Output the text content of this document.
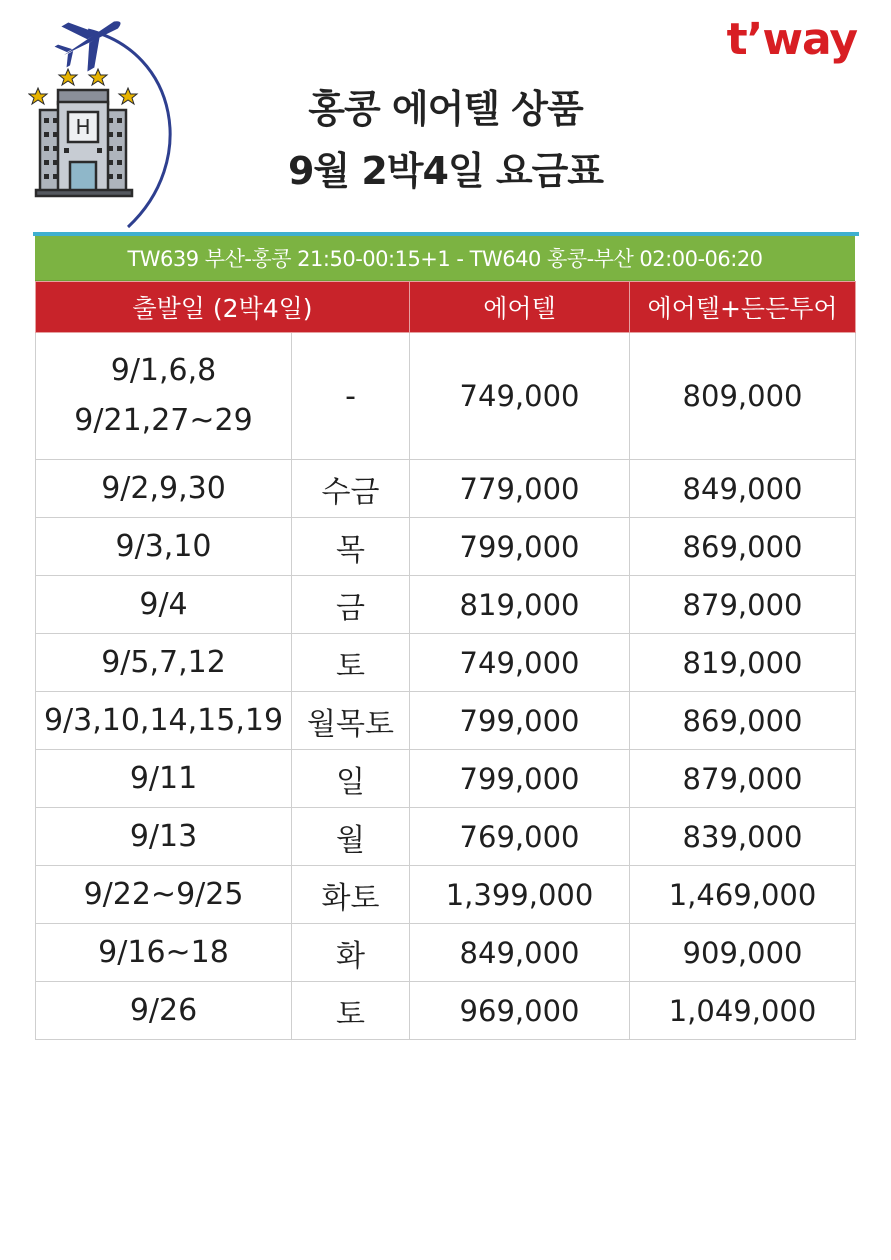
H
t’way
홍콩 에어텔 상품
9월 2박4일 요금표
TW639 부산-홍콩 21:50-00:15+1 - TW640 홍콩-부산 02:00-06:20
출발일 (2박4일)		에어텔	에어텔+든든투어

9/1,6,8
9/21,27~29	-	749,000	809,000

9/2,9,30	수금	779,000	849,000

9/3,10	목	799,000	869,000

9/4	금	819,000	879,000

9/5,7,12	토	749,000	819,000

9/3,10,14,15,19	월목토	799,000	869,000

9/11	일	799,000	879,000

9/13	월	769,000	839,000

9/22~9/25	화토	1,399,000	1,469,000

9/16~18	화	849,000	909,000

9/26	토	969,000	1,049,000
